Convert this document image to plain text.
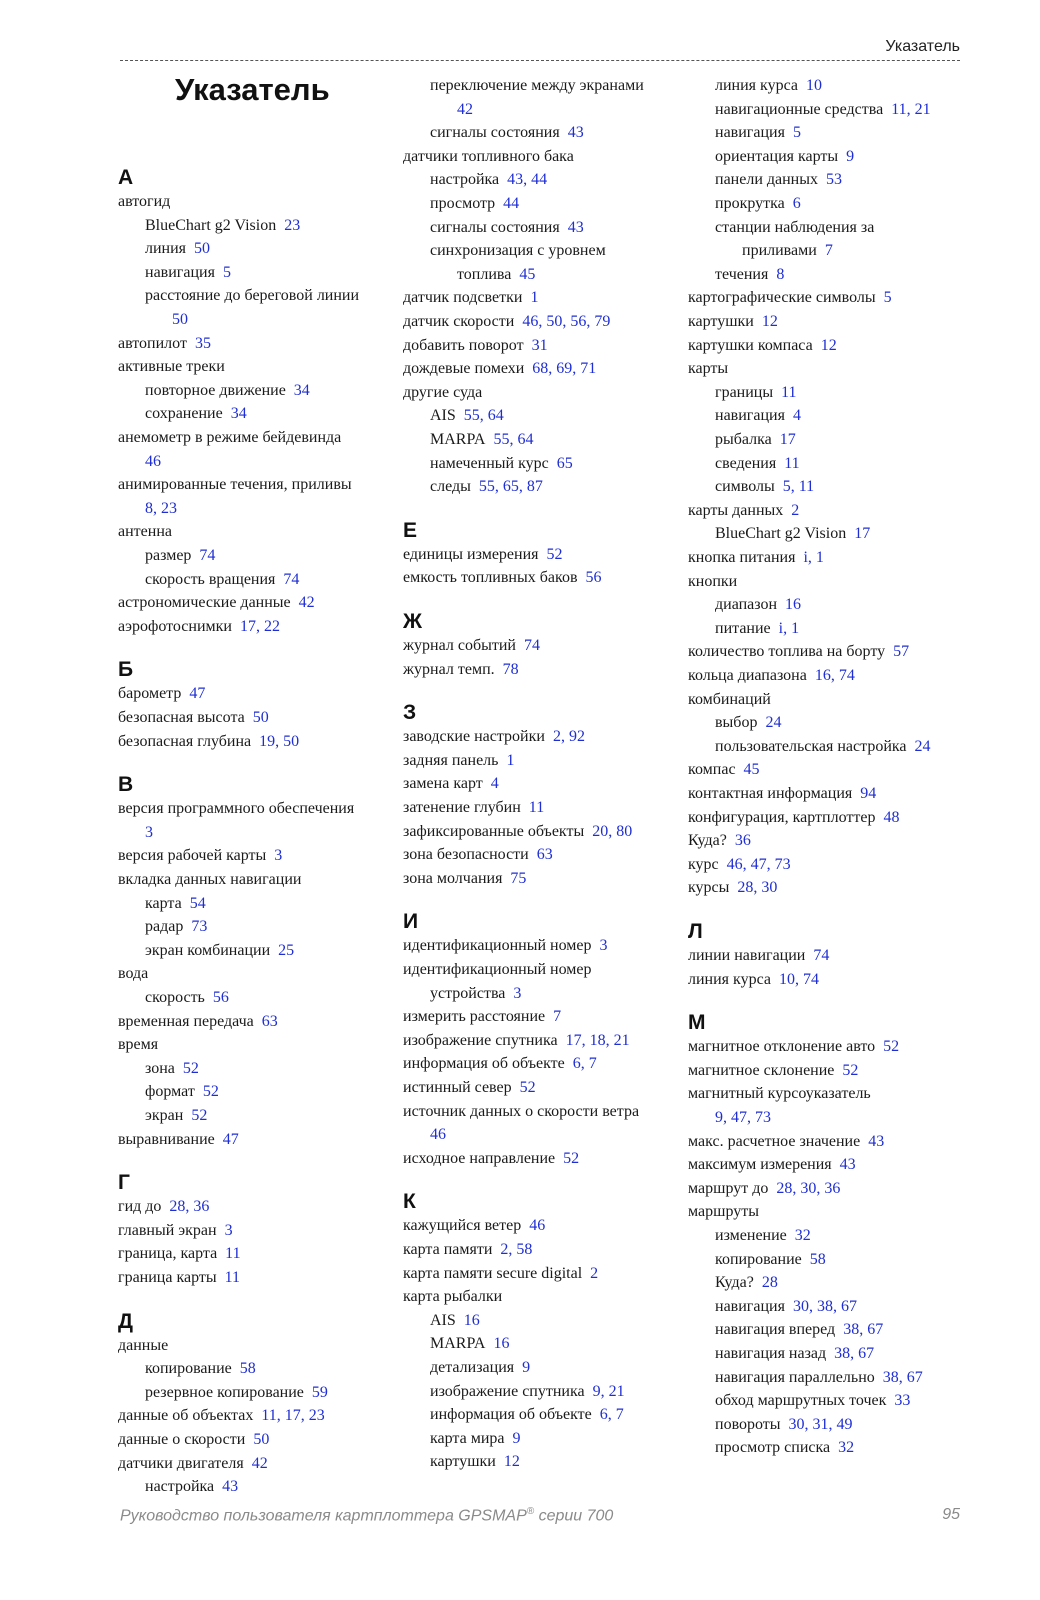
Указатель
Указатель
А
автогид
BlueChart g2 Vision 23
линия 50
навигация 5
расстояние до береговой линии
50
автопилот 35
активные треки
повторное движение 34
сохранение 34
анемометр в режиме бейдевинда
46
анимированные течения, приливы
8, 23
антенна
размер 74
скорость вращения 74
астрономические данные 42
аэрофотоснимки 17, 22
Б
барометр 47
безопасная высота 50
безопасная глубина 19, 50
В
версия программного обеспечения
3
версия рабочей карты 3
вкладка данных навигации
карта 54
радар 73
экран комбинации 25
вода
скорость 56
временная передача 63
время
зона 52
формат 52
экран 52
выравнивание 47
Г
гид до 28, 36
главный экран 3
граница, карта 11
граница карты 11
Д
данные
копирование 58
резервное копирование 59
данные об объектах 11, 17, 23
данные о скорости 50
датчики двигателя 42
настройка 43
переключение между экранами
42
сигналы состояния 43
датчики топливного бака
настройка 43, 44
просмотр 44
сигналы состояния 43
синхронизация с уровнем
топлива 45
датчик подсветки 1
датчик скорости 46, 50, 56, 79
добавить поворот 31
дождевые помехи 68, 69, 71
другие суда
AIS 55, 64
MARPA 55, 64
намеченный курс 65
следы 55, 65, 87
Е
единицы измерения 52
емкость топливных баков 56
Ж
журнал событий 74
журнал темп. 78
З
заводские настройки 2, 92
задняя панель 1
замена карт 4
затенение глубин 11
зафиксированные объекты 20, 80
зона безопасности 63
зона молчания 75
И
идентификационный номер 3
идентификационный номер
устройства 3
измерить расстояние 7
изображение спутника 17, 18, 21
информация об объекте 6, 7
истинный север 52
источник данных о скорости ветра
46
исходное направление 52
К
кажущийся ветер 46
карта памяти 2, 58
карта памяти secure digital 2
карта рыбалки
AIS 16
MARPA 16
детализация 9
изображение спутника 9, 21
информация об объекте 6, 7
карта мира 9
картушки 12
линия курса 10
навигационные средства 11, 21
навигация 5
ориентация карты 9
панели данных 53
прокрутка 6
станции наблюдения за
приливами 7
течения 8
картографические символы 5
картушки 12
картушки компаса 12
карты
границы 11
навигация 4
рыбалка 17
сведения 11
символы 5, 11
карты данных 2
BlueChart g2 Vision 17
кнопка питания i, 1
кнопки
диапазон 16
питание i, 1
количество топлива на борту 57
кольца диапазона 16, 74
комбинаций
выбор 24
пользовательская настройка 24
компас 45
контактная информация 94
конфигурация, картплоттер 48
Куда? 36
курс 46, 47, 73
курсы 28, 30
Л
линии навигации 74
линия курса 10, 74
М
магнитное отклонение авто 52
магнитное склонение 52
магнитный курсоуказатель
9, 47, 73
макс. расчетное значение 43
максимум измерения 43
маршрут до 28, 30, 36
маршруты
изменение 32
копирование 58
Куда? 28
навигация 30, 38, 67
навигация вперед 38, 67
навигация назад 38, 67
навигация параллельно 38, 67
обход маршрутных точек 33
повороты 30, 31, 49
просмотр списка 32
Руководство пользователя картплоттера GPSMAP® серии 700	95
